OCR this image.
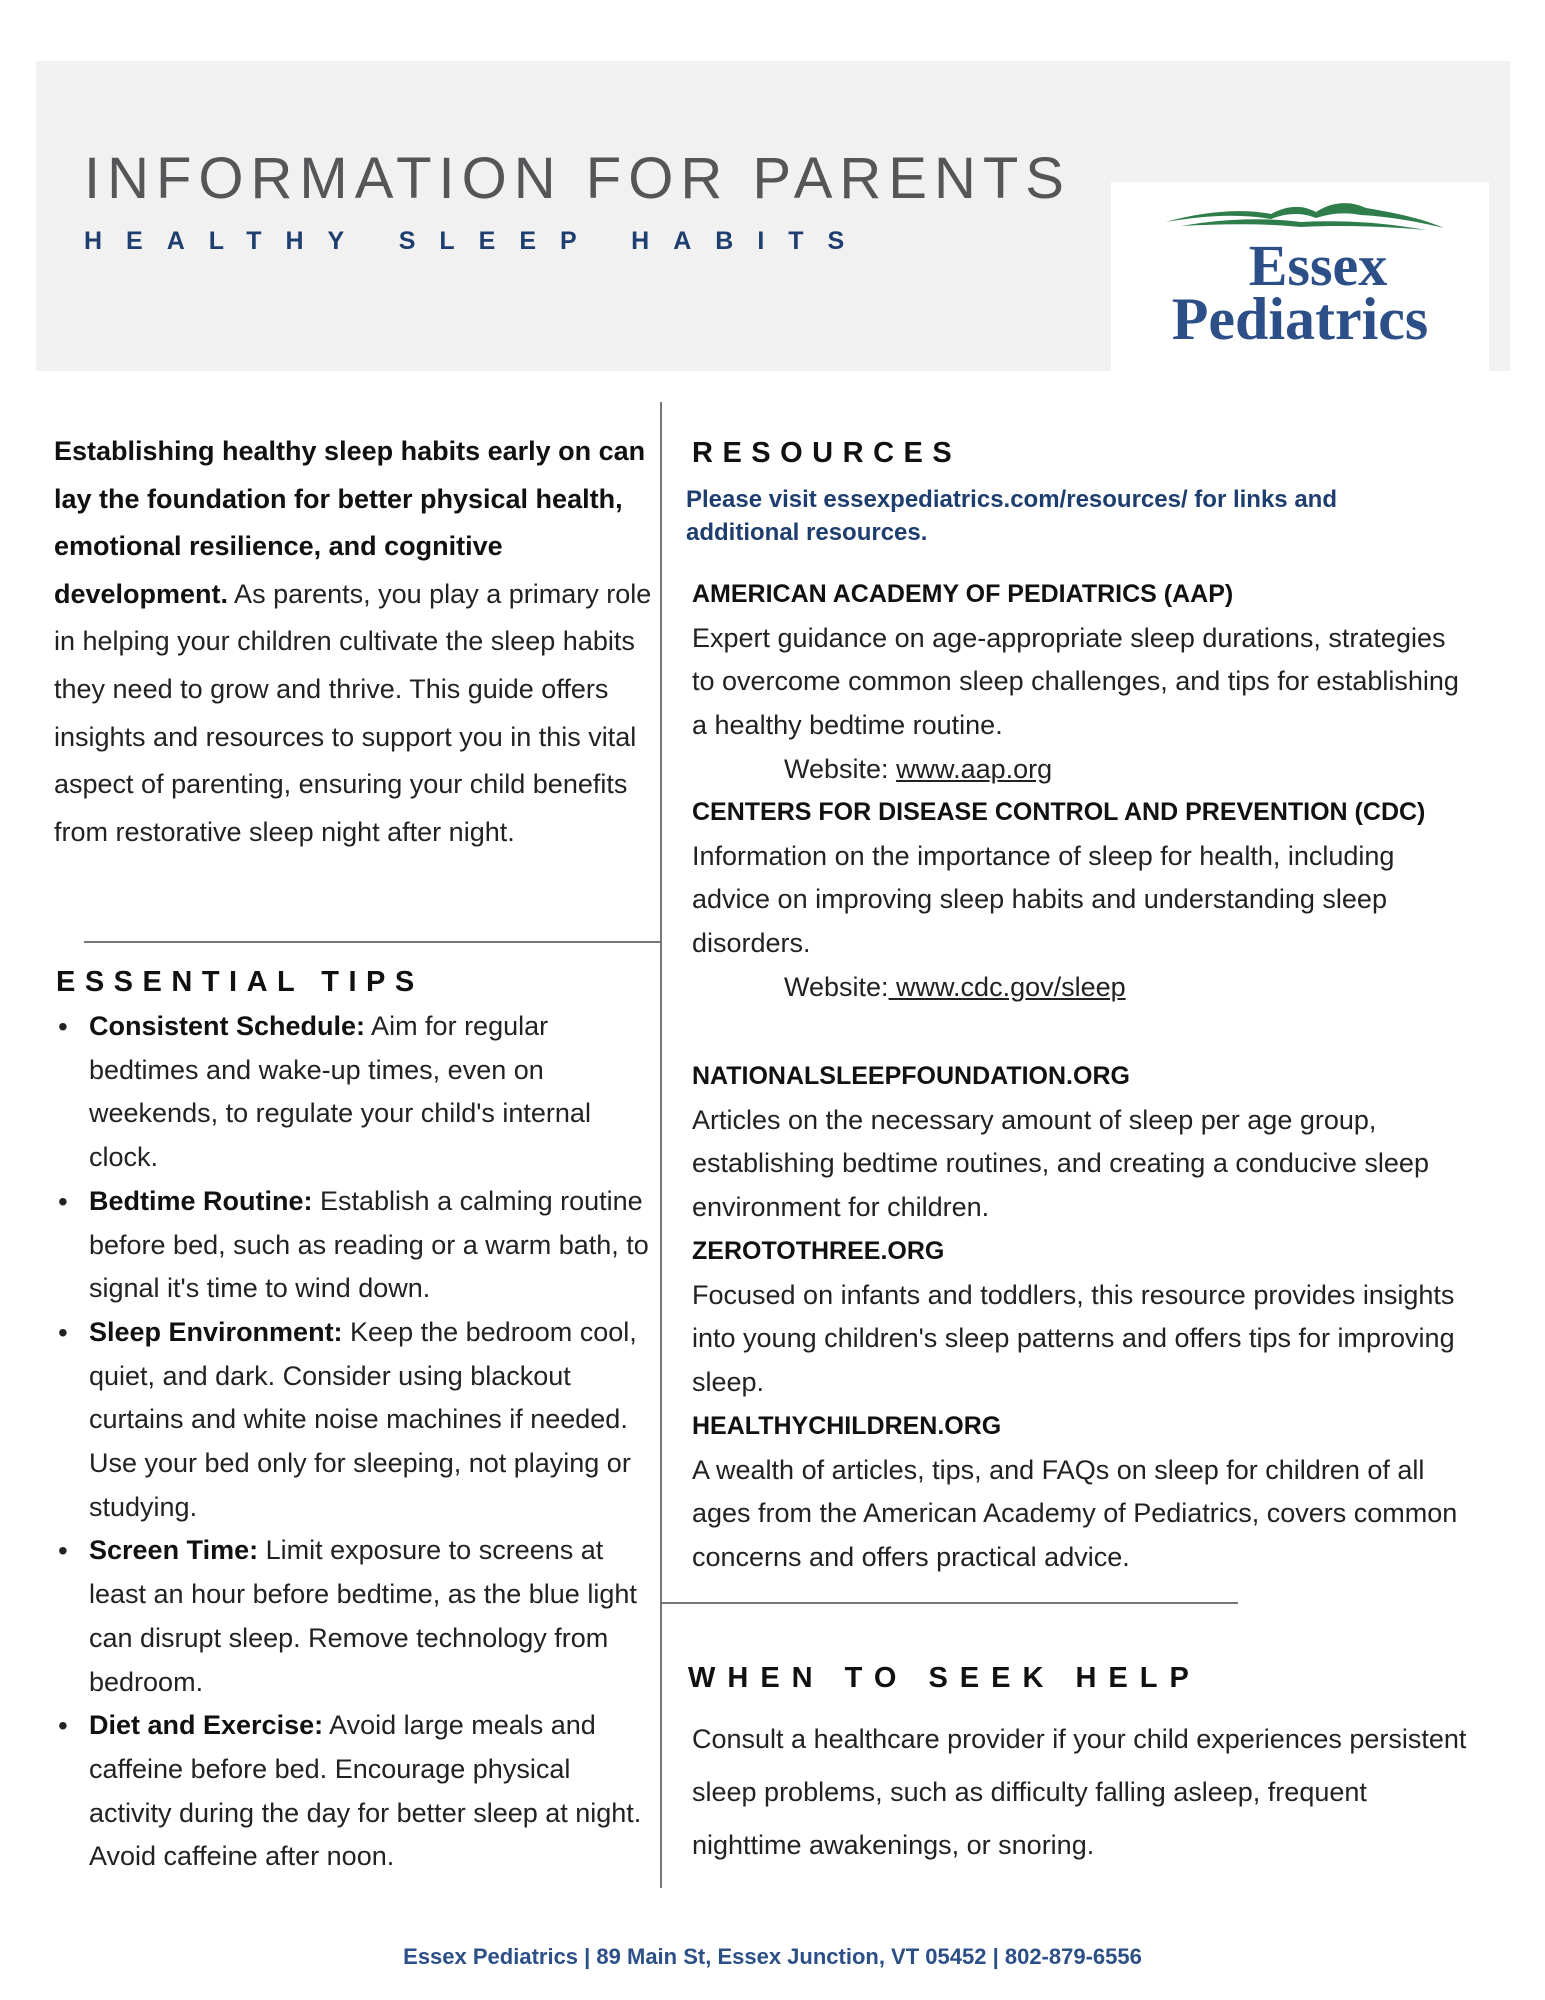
INFORMATION FOR PARENTS
HEALTHY SLEEP HABITS	Essex
Pediatrics
Establishing healthy sleep habits early on can lay the foundation for better physical health, emotional resilience, and cognitive development. As parents, you play a primary role in helping your children cultivate the sleep habits they need to grow and thrive. This guide offers insights and resources to support you in this vital aspect of parenting, ensuring your child benefits from restorative sleep night after night.
ESSENTIAL TIPS
• Consistent Schedule: Aim for regular bedtimes and wake-up times, even on weekends, to regulate your child's internal clock.
• Bedtime Routine: Establish a calming routine before bed, such as reading or a warm bath, to signal it's time to wind down.
• Sleep Environment: Keep the bedroom cool, quiet, and dark. Consider using blackout curtains and white noise machines if needed. Use your bed only for sleeping, not playing or studying.
• Screen Time: Limit exposure to screens at least an hour before bedtime, as the blue light can disrupt sleep. Remove technology from bedroom.
• Diet and Exercise: Avoid large meals and caffeine before bed. Encourage physical activity during the day for better sleep at night. Avoid caffeine after noon.
RESOURCES
Please visit essexpediatrics.com/resources/ for links and additional resources.
AMERICAN ACADEMY OF PEDIATRICS (AAP)
Expert guidance on age-appropriate sleep durations, strategies to overcome common sleep challenges, and tips for establishing a healthy bedtime routine.
Website: www.aap.org
CENTERS FOR DISEASE CONTROL AND PREVENTION (CDC)
Information on the importance of sleep for health, including advice on improving sleep habits and understanding sleep disorders.
Website: www.cdc.gov/sleep
NATIONALSLEEPFOUNDATION.ORG
Articles on the necessary amount of sleep per age group, establishing bedtime routines, and creating a conducive sleep environment for children.
ZEROTOTHREE.ORG
Focused on infants and toddlers, this resource provides insights into young children's sleep patterns and offers tips for improving sleep.
HEALTHYCHILDREN.ORG
A wealth of articles, tips, and FAQs on sleep for children of all ages from the American Academy of Pediatrics, covers common concerns and offers practical advice.
WHEN TO SEEK HELP
Consult a healthcare provider if your child experiences persistent sleep problems, such as difficulty falling asleep, frequent nighttime awakenings, or snoring.
Essex Pediatrics | 89 Main St, Essex Junction, VT 05452 | 802-879-6556
